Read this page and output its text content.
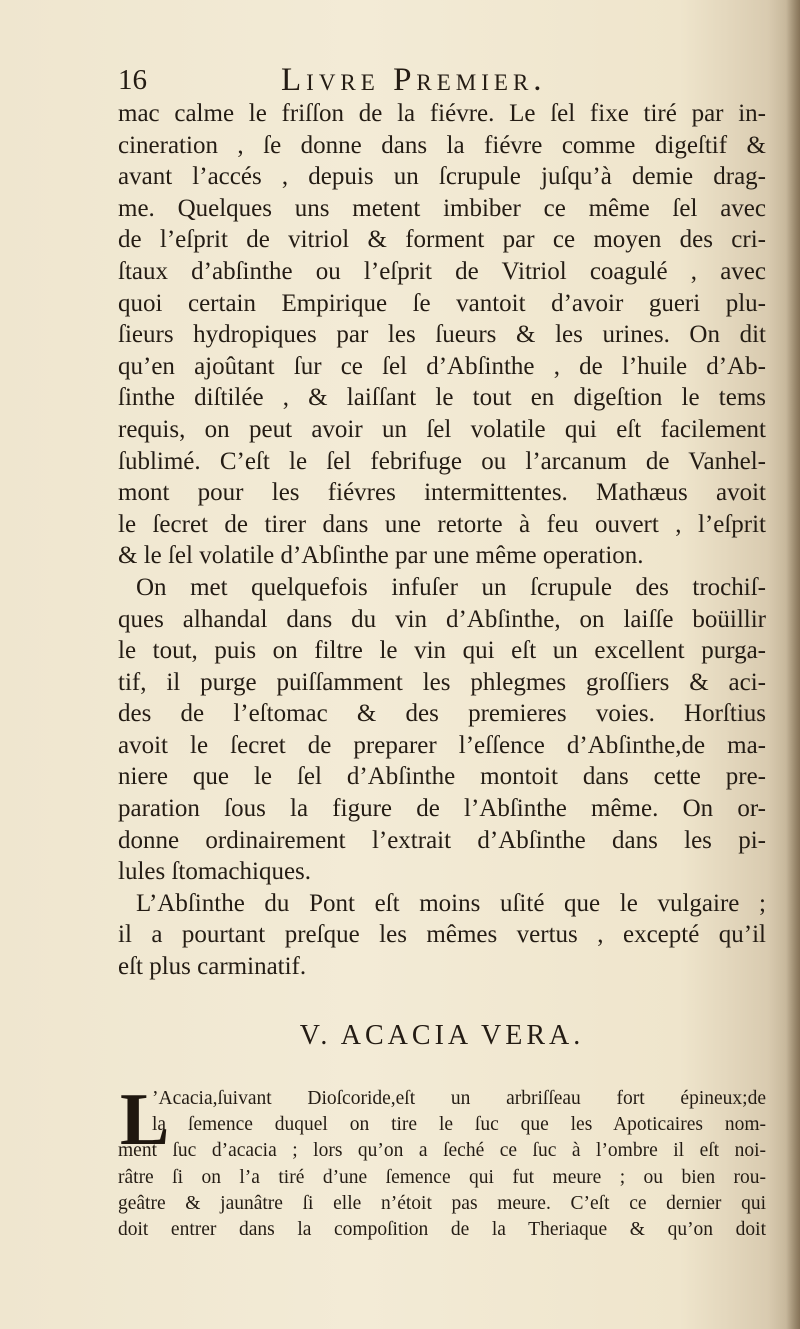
16	Livre Premier.
mac calme le friſſon de la fiévre. Le ſel fixe tiré par in-
cineration , ſe donne dans la fiévre comme digeſtif &
avant l’accés , depuis un ſcrupule juſqu’à demie drag-
me. Quelques uns metent imbiber ce même ſel avec
de l’eſprit de vitriol & forment par ce moyen des cri-
ſtaux d’abſinthe ou l’eſprit de Vitriol coagulé , avec
quoi certain Empirique ſe vantoit d’avoir gueri plu-
ſieurs hydropiques par les ſueurs & les urines. On dit
qu’en ajoûtant ſur ce ſel d’Abſinthe , de l’huile d’Ab-
ſinthe diſtilée , & laiſſant le tout en digeſtion le tems
requis, on peut avoir un ſel volatile qui eſt facilement
ſublimé. C’eſt le ſel febrifuge ou l’arcanum de Vanhel-
mont pour les fiévres intermittentes. Mathæus avoit
le ſecret de tirer dans une retorte à feu ouvert , l’eſprit
& le ſel volatile d’Abſinthe par une même operation.
On met quelquefois infuſer un ſcrupule des trochiſ-
ques alhandal dans du vin d’Abſinthe, on laiſſe boüillir
le tout, puis on filtre le vin qui eſt un excellent purga-
tif, il purge puiſſamment les phlegmes groſſiers & aci-
des de l’eſtomac & des premieres voies. Horſtius
avoit le ſecret de preparer l’eſſence d’Abſinthe,de ma-
niere que le ſel d’Abſinthe montoit dans cette pre-
paration ſous la figure de l’Abſinthe même. On or-
donne ordinairement l’extrait d’Abſinthe dans les pi-
lules ſtomachiques.
L’Abſinthe du Pont eſt moins uſité que le vulgaire ;
il a pourtant preſque les mêmes vertus , excepté qu’il
eſt plus carminatif.
V. ACACIA VERA.
L
’Acacia,ſuivant Dioſcoride,eſt un arbriſſeau fort épineux;de
la ſemence duquel on tire le ſuc que les Apoticaires nom-
ment ſuc d’acacia ; lors qu’on a ſeché ce ſuc à l’ombre il eſt noi-
râtre ſi on l’a tiré d’une ſemence qui fut meure ; ou bien rou-
geâtre & jaunâtre ſi elle n’étoit pas meure. C’eſt ce dernier qui
doit entrer dans la compoſition de la Theriaque & qu’on doit
